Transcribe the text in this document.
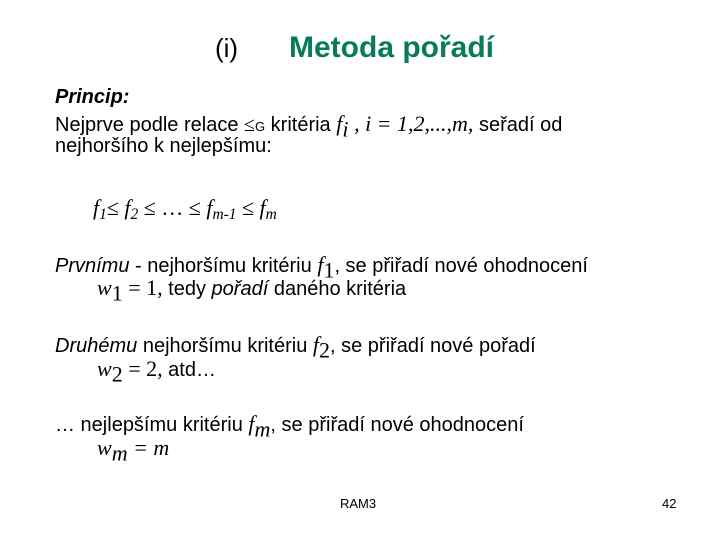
(i) Metoda pořadí
Princip:
Nejprve podle relace ≤G kritéria $f_i$ , i = 1,2,...,m, seřadí od
nejhoršího k nejlepšímu:
$f_1\le f_2$ ≤ … ≤ $f_{m-1} \le f_m$
Prvnímu - nejhoršímu kritériu $f_1$, se přiřadí nové ohodnocení
$w_1 = 1$, tedy pořadí daného kritéria
Druhému nejhoršímu kritériu $f_2$, se přiřadí nové pořadí
$w_2 = 2$, atd…
… nejlepšímu kritériu $f_m$, se přiřadí nové ohodnocení
$w_m = m$
RAM3	42
